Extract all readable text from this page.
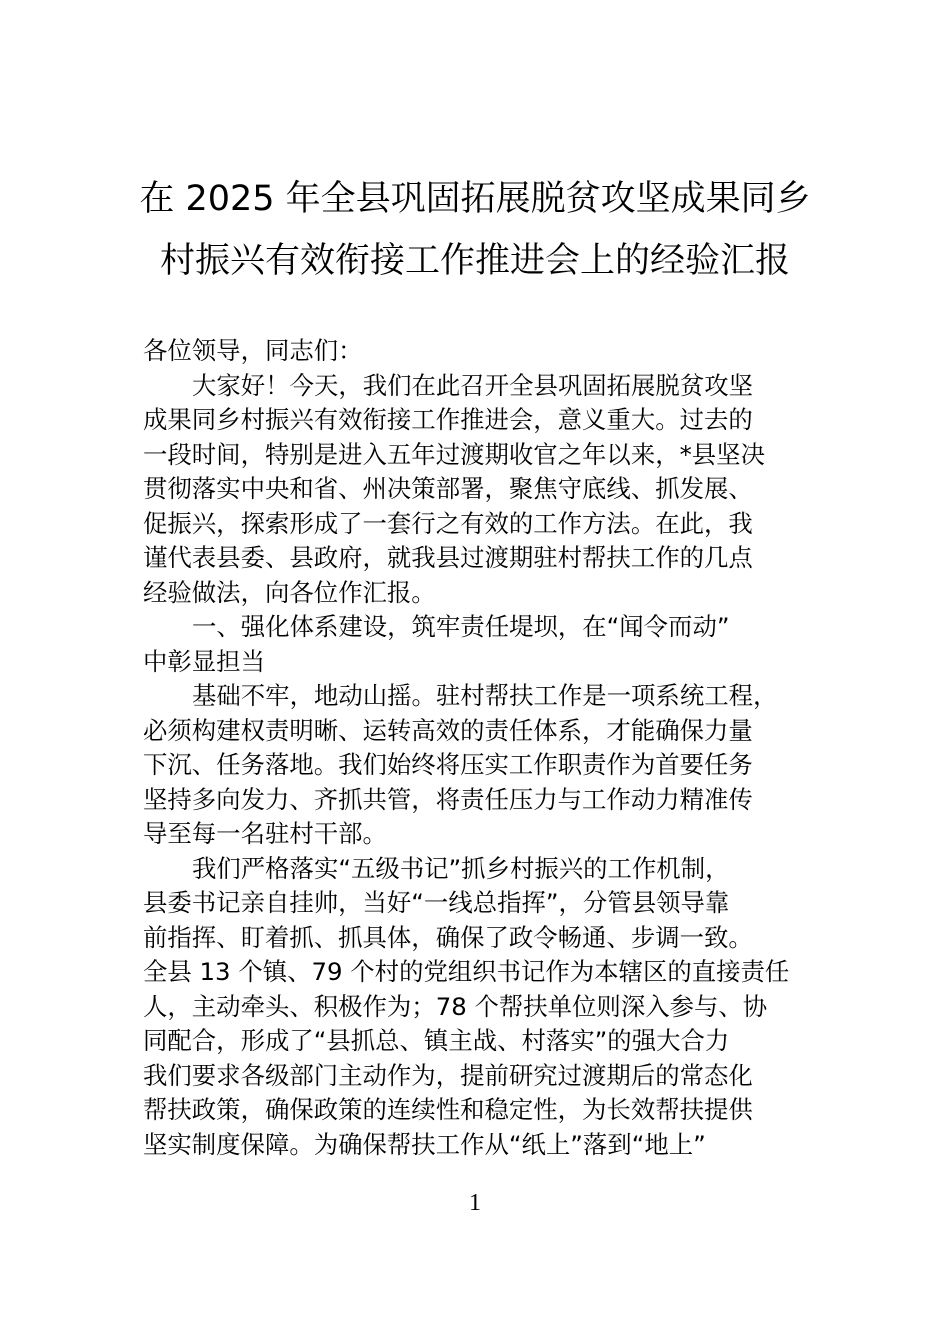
在 2025 年全县巩固拓展脱贫攻坚成果同乡
村振兴有效衔接工作推进会上的经验汇报

各位领导，同志们：

大家好！今天，我们在此召开全县巩固拓展脱贫攻坚
成果同乡村振兴有效衔接工作推进会，意义重大。过去的
一段时间，特别是进入五年过渡期收官之年以来，*县坚决
贯彻落实中央和省、州决策部署，聚焦守底线、抓发展、
促振兴，探索形成了一套行之有效的工作方法。在此，我
谨代表县委、县政府，就我县过渡期驻村帮扶工作的几点
经验做法，向各位作汇报。

一、强化体系建设，筑牢责任堤坝，在“闻令而动”
中彰显担当

基础不牢，地动山摇。驻村帮扶工作是一项系统工程，
必须构建权责明晰、运转高效的责任体系，才能确保力量
下沉、任务落地。我们始终将压实工作职责作为首要任务
坚持多向发力、齐抓共管，将责任压力与工作动力精准传
导至每一名驻村干部。

我们严格落实“五级书记”抓乡村振兴的工作机制，
县委书记亲自挂帅，当好“一线总指挥”，分管县领导靠
前指挥、盯着抓、抓具体，确保了政令畅通、步调一致。
全县 13 个镇、79 个村的党组织书记作为本辖区的直接责任
人，主动牵头、积极作为；78 个帮扶单位则深入参与、协
同配合，形成了“县抓总、镇主战、村落实”的强大合力
我们要求各级部门主动作为，提前研究过渡期后的常态化
帮扶政策，确保政策的连续性和稳定性，为长效帮扶提供
坚实制度保障。为确保帮扶工作从“纸上”落到“地上”

1
